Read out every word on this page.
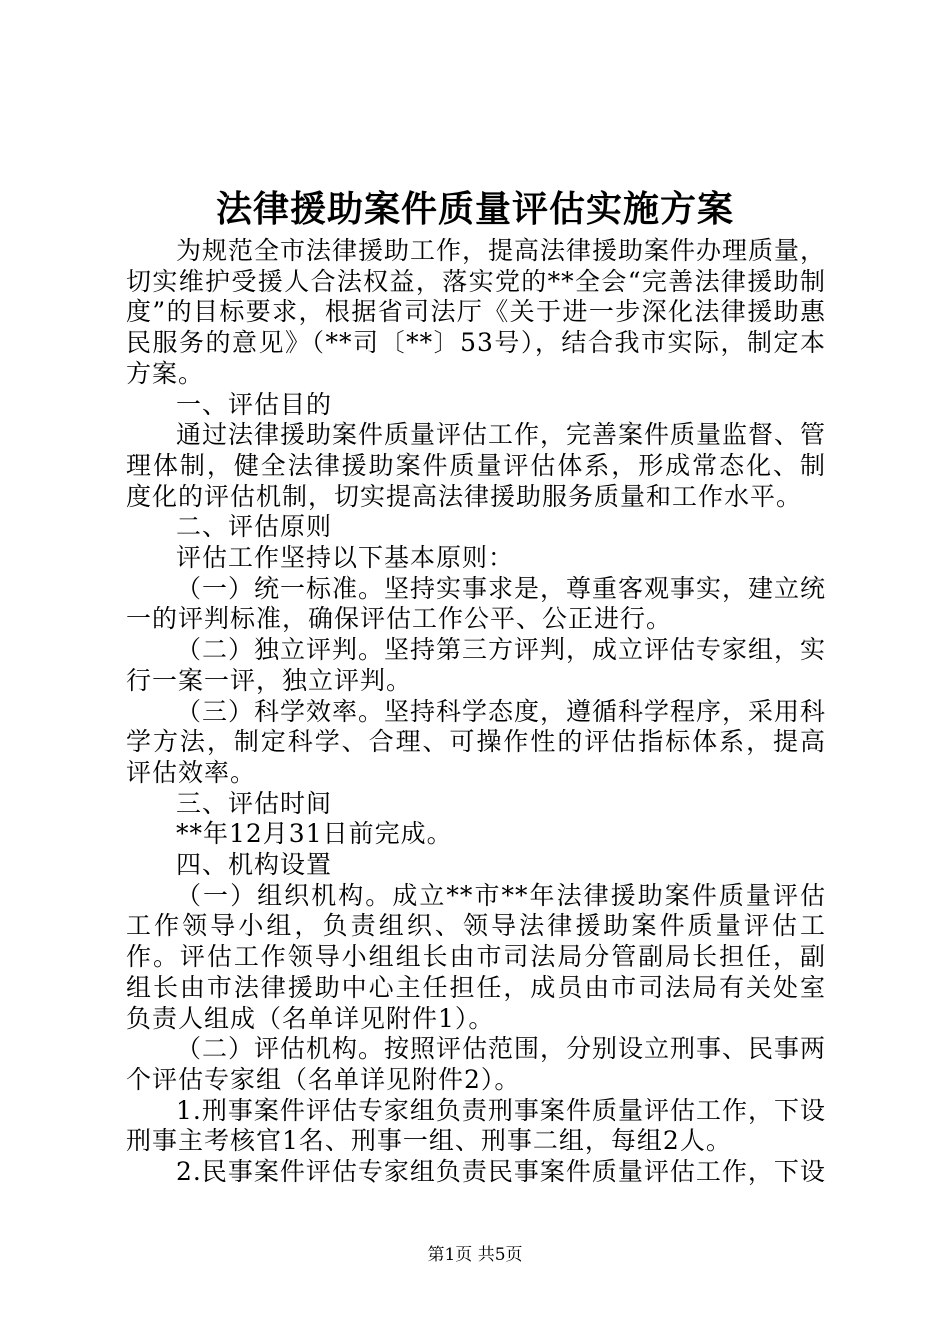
法律援助案件质量评估实施方案

为规范全市法律援助工作，提高法律援助案件办理质量，切实维护受援人合法权益，落实党的**全会“完善法律援助制度”的目标要求，根据省司法厅《关于进一步深化法律援助惠民服务的意见》（**司〔**〕53号），结合我市实际，制定本方案。

一、评估目的

通过法律援助案件质量评估工作，完善案件质量监督、管理体制，健全法律援助案件质量评估体系，形成常态化、制度化的评估机制，切实提高法律援助服务质量和工作水平。

二、评估原则

评估工作坚持以下基本原则：

（一）统一标准。坚持实事求是，尊重客观事实，建立统一的评判标准，确保评估工作公平、公正进行。

（二）独立评判。坚持第三方评判，成立评估专家组，实行一案一评，独立评判。

（三）科学效率。坚持科学态度，遵循科学程序，采用科学方法，制定科学、合理、可操作性的评估指标体系，提高评估效率。

三、评估时间

**年12月31日前完成。

四、机构设置

（一）组织机构。成立**市**年法律援助案件质量评估工作领导小组，负责组织、领导法律援助案件质量评估工作。评估工作领导小组组长由市司法局分管副局长担任，副组长由市法律援助中心主任担任，成员由市司法局有关处室负责人组成（名单详见附件1）。

（二）评估机构。按照评估范围，分别设立刑事、民事两个评估专家组（名单详见附件2）。

1.刑事案件评估专家组负责刑事案件质量评估工作，下设刑事主考核官1名、刑事一组、刑事二组，每组2人。

2.民事案件评估专家组负责民事案件质量评估工作，下设

第1页 共5页
